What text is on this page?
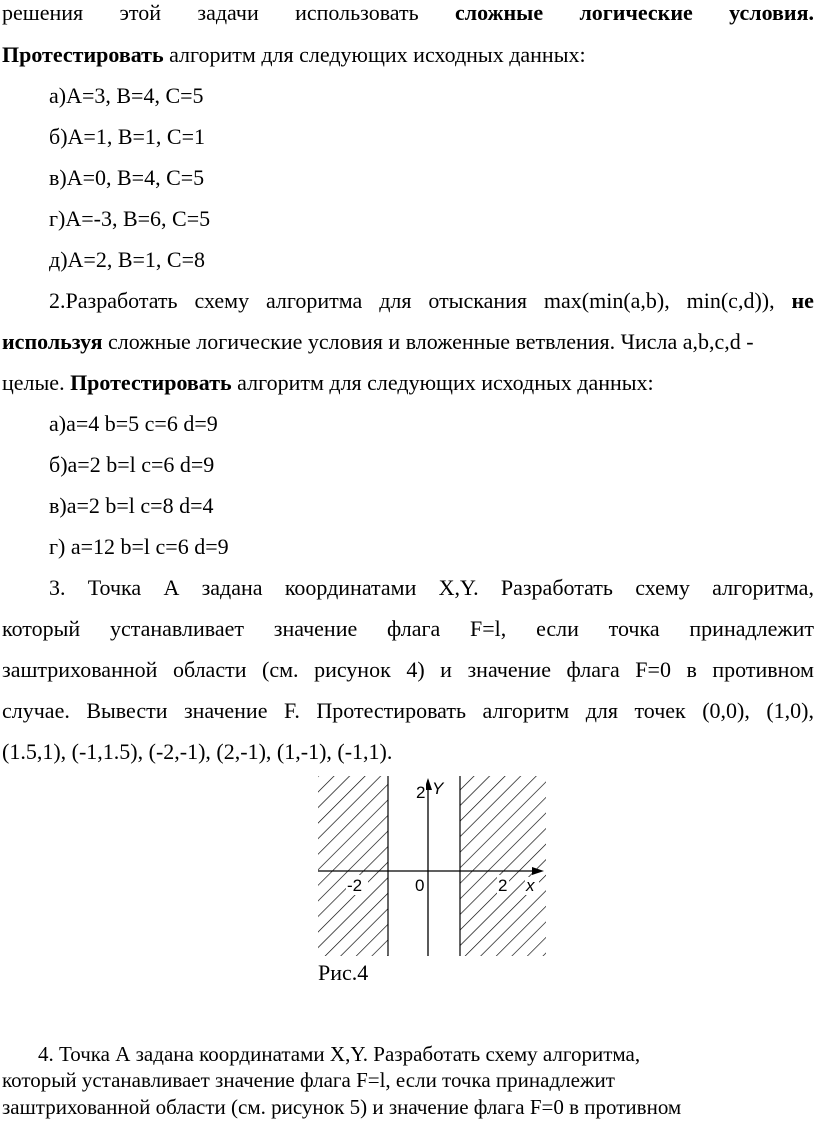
решения этой задачи использовать сложные логические условия.
Протестировать алгоритм для следующих исходных данных:
а)A=3, B=4, C=5
б)A=1, B=1, C=1
в)A=0, B=4, C=5
г)A=-3, B=6, C=5
д)A=2, B=1, C=8
2.Разработать схему алгоритма для отыскания max(min(a,b), min(c,d)), не
используя сложные логические условия и вложенные ветвления. Числа a,b,c,d -
целые. Протестировать алгоритм для следующих исходных данных:
а)a=4 b=5 c=6 d=9
б)a=2 b=l c=6 d=9
в)a=2 b=l c=8 d=4
г) a=12 b=l c=6 d=9
3. Точка А задана координатами X,Y. Разработать схему алгоритма,
который устанавливает значение флага F=l, если точка принадлежит
заштрихованной области (см. рисунок 4) и значение флага F=0 в противном
случае. Вывести значение F. Протестировать алгоритм для точек (0,0), (1,0),
(1.5,1), (-1,1.5), (-2,-1), (2,-1), (1,-1), (-1,1).
2 Y
-2	0	2 x
Рис.4
4. Точка А задана координатами X,Y. Разработать схему алгоритма,
который устанавливает значение флага F=l, если точка принадлежит
заштрихованной области (см. рисунок 5) и значение флага F=0 в противном
